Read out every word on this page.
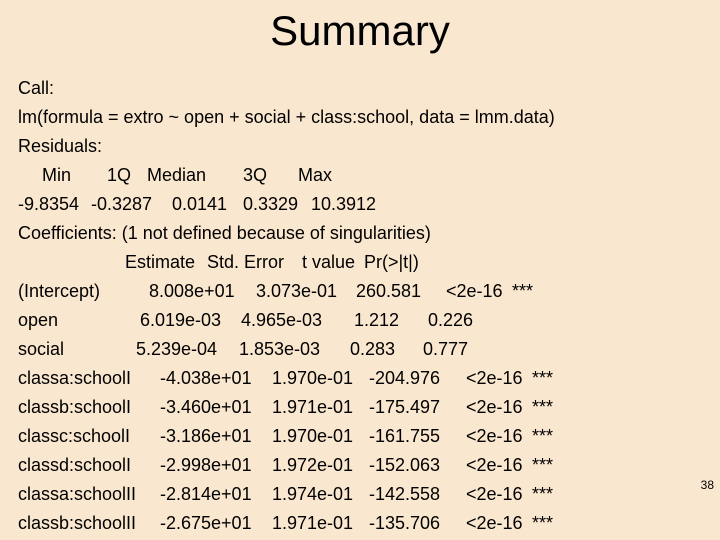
Summary
Call:
lm(formula = extro ~ open + social + class:school, data = lmm.data)
Residuals:
Min 1Q Median 3Q Max
-9.8354 -0.3287 0.0141 0.3329 10.3912
Coefficients: (1 not defined because of singularities)
Estimate Std. Error t value Pr(>|t|)
(Intercept)	8.008e+01 3.073e-01 260.581 <2e-16 ***
open	6.019e-03 4.965e-03 1.212 0.226
social	5.239e-04 1.853e-03 0.283 0.777
classa:schoolI -4.038e+01 1.970e-01 -204.976 <2e-16 ***
classb:schoolI -3.460e+01 1.971e-01 -175.497 <2e-16 ***
classc:schoolI -3.186e+01 1.970e-01 -161.755 <2e-16 ***
classd:schoolI -2.998e+01 1.972e-01 -152.063 <2e-16 ***
classa:schoolII -2.814e+01 1.974e-01 -142.558 <2e-16 ***
classb:schoolII -2.675e+01 1.971e-01 -135.706 <2e-16 ***
38
